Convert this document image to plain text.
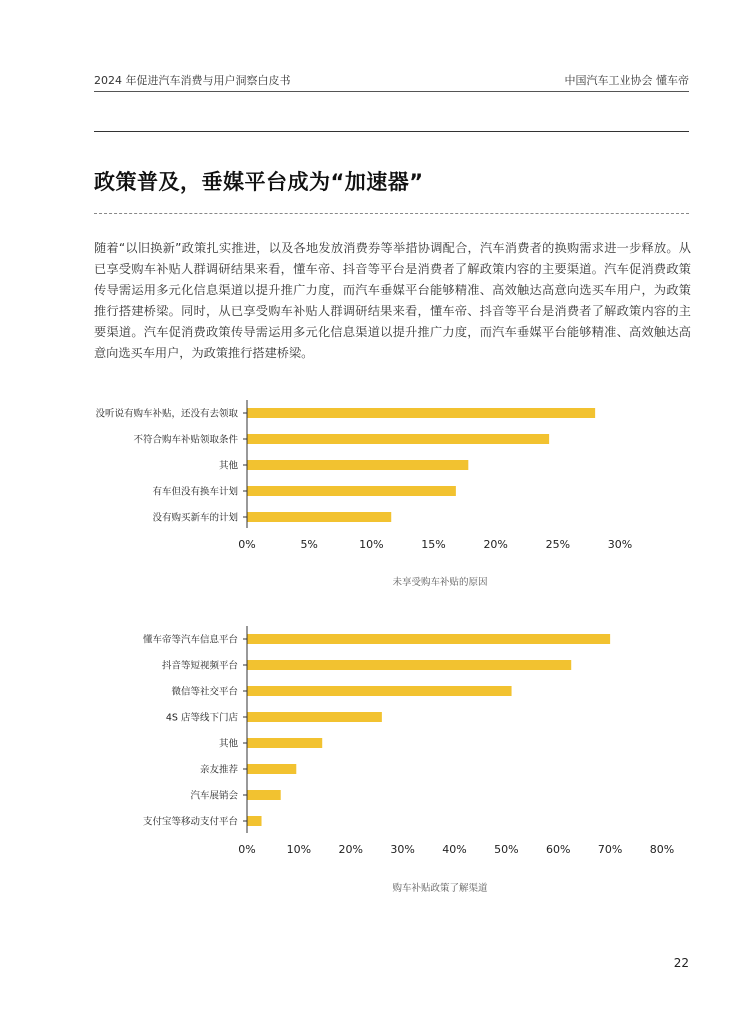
2024 年促进汽车消费与用户洞察白皮书	中国汽车工业协会 懂车帝
政策普及，垂媒平台成为“加速器”
随着“以旧换新”政策扎实推进，以及各地发放消费券等举措协调配合，汽车消费者的换购需求进一步释放。从已享受购车补贴人群调研结果来看，懂车帝、抖音等平台是消费者了解政策内容的主要渠道。汽车促消费政策传导需运用多元化信息渠道以提升推广力度，而汽车垂媒平台能够精准、高效触达高意向选买车用户，为政策推行搭建桥梁。同时，从已享受购车补贴人群调研结果来看，懂车帝、抖音等平台是消费者了解政策内容的主要渠道。汽车促消费政策传导需运用多元化信息渠道以提升推广力度，而汽车垂媒平台能够精准、高效触达高意向选买车用户，为政策推行搭建桥梁。
没听说有购车补贴，还没有去领取
不符合购车补贴领取条件
其他
有车但没有换车计划
没有购买新车的计划
0%	5%	10%	15%	20%	25%	30%
未享受购车补贴的原因
懂车帝等汽车信息平台
抖音等短视频平台
微信等社交平台
4S 店等线下门店
其他
亲友推荐
汽车展销会
支付宝等移动支付平台
0%	10% 20% 30% 40% 50% 60% 70% 80%
购车补贴政策了解渠道
22
